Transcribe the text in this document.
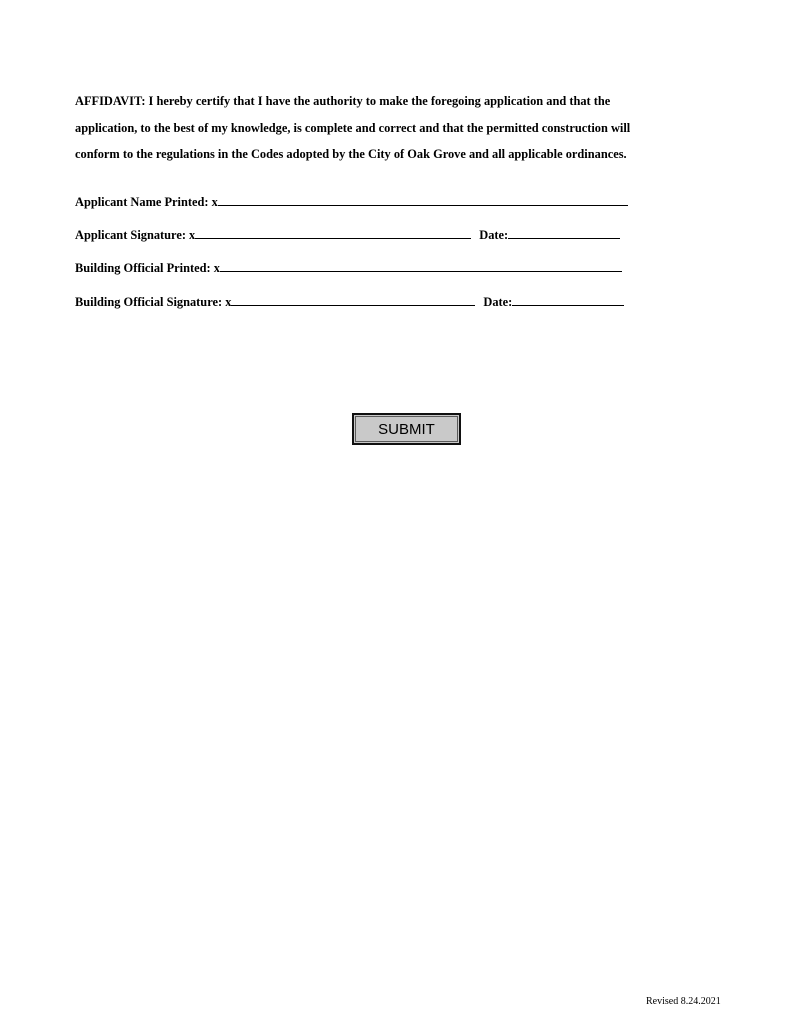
AFFIDAVIT: I hereby certify that I have the authority to make the foregoing application and that the
application, to the best of my knowledge, is complete and correct and that the permitted construction will
conform to the regulations in the Codes adopted by the City of Oak Grove and all applicable ordinances.
Applicant Name Printed: x
Applicant Signature: x	Date:
Building Official Printed: x
Building Official Signature: x	Date:
SUBMIT
Revised 8.24.2021
